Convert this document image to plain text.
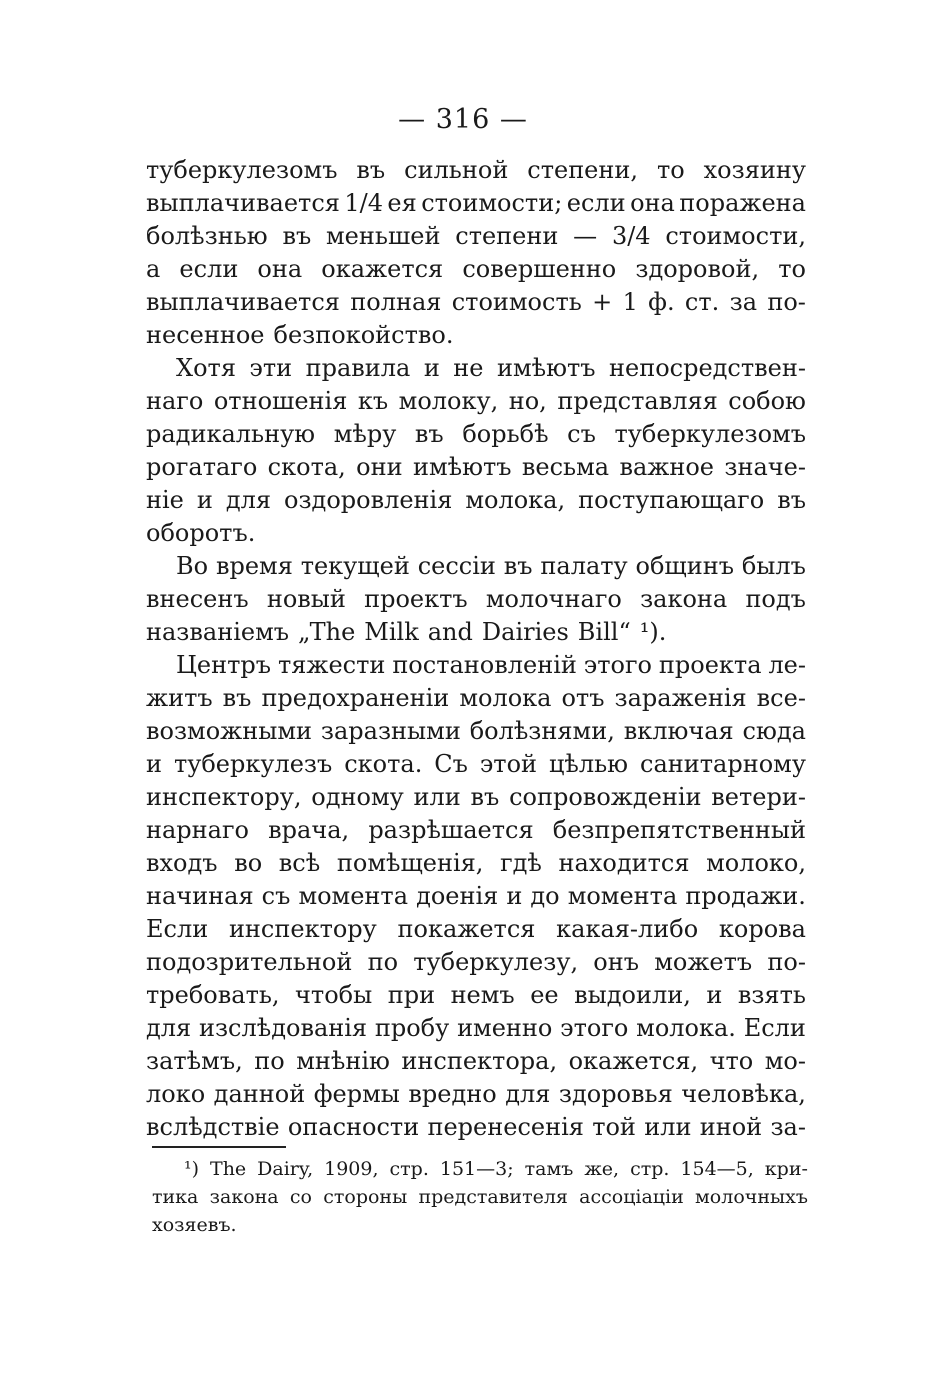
— 316 —
туберкулезомъ въ сильной степени, то хозяину
выплачивается 1/4 ея стоимости; если она поражена
болѣзнью въ меньшей степени — 3/4 стоимости,
а если она окажется совершенно здоровой, то
выплачивается полная стоимость + 1 ф. ст. за по-
несенное безпокойство.
Хотя эти правила и не имѣютъ непосредствен-
наго отношенія къ молоку, но, представляя собою
радикальную мѣру въ борьбѣ съ туберкулезомъ
рогатаго скота, они имѣютъ весьма важное значе-
ніе и для оздоровленія молока, поступающаго въ
оборотъ.
Во время текущей сессіи въ палату общинъ былъ
внесенъ новый проектъ молочнаго закона подъ
названіемъ „The Milk and Dairies Bill“ ¹).
Центръ тяжести постановленій этого проекта ле-
житъ въ предохраненіи молока отъ зараженія все-
возможными заразными болѣзнями, включая сюда
и туберкулезъ скота. Съ этой цѣлью санитарному
инспектору, одному или въ сопровожденіи ветери-
нарнаго врача, разрѣшается безпрепятственный
входъ во всѣ помѣщенія, гдѣ находится молоко,
начиная съ момента доенія и до момента продажи.
Если инспектору покажется какая-либо корова
подозрительной по туберкулезу, онъ можетъ по-
требовать, чтобы при немъ ее выдоили, и взять
для изслѣдованія пробу именно этого молока. Если
затѣмъ, по мнѣнію инспектора, окажется, что мо-
локо данной фермы вредно для здоровья человѣка,
вслѣдствіе опасности перенесенія той или иной за-
¹) The Dairy, 1909, стр. 151—3; тамъ же, стр. 154—5, кри-
тика закона со стороны представителя ассоціаціи молочныхъ
хозяевъ.
